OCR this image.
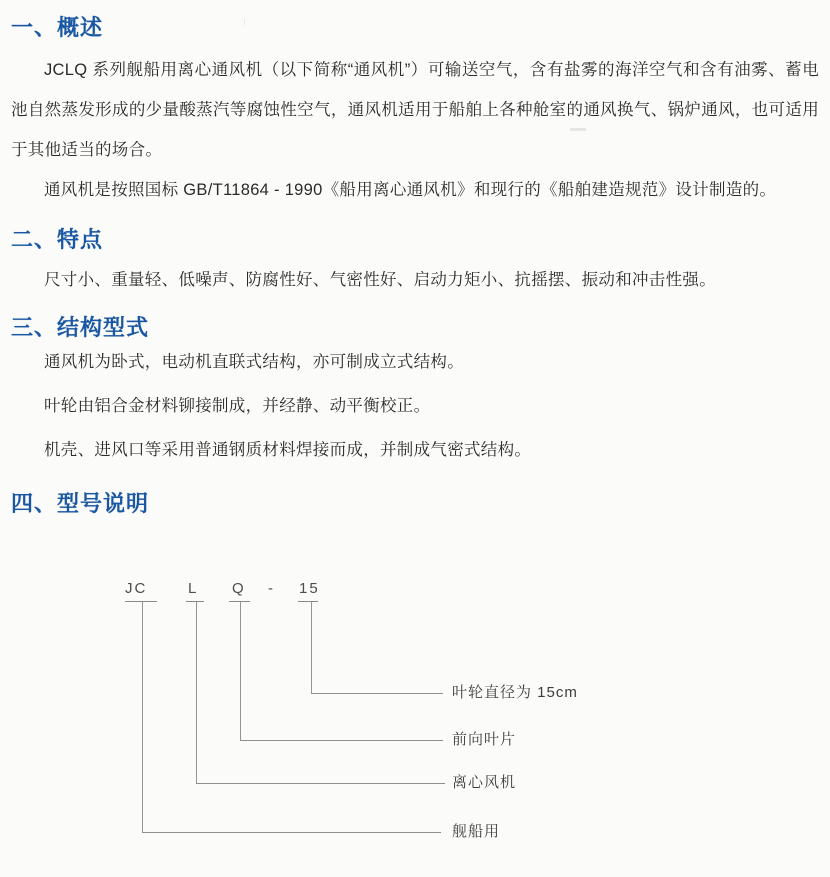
一、概述

JCLQ 系列舰船用离心通风机（以下简称“通风机”）可输送空气，含有盐雾的海洋空气和含有油雾、蓄电池自然蒸发形成的少量酸蒸汽等腐蚀性空气，通风机适用于船舶上各种舱室的通风换气、锅炉通风，也可适用于其他适当的场合。

通风机是按照国标 GB/T11864 - 1990《船用离心通风机》和现行的《船舶建造规范》设计制造的。

二、特点

尺寸小、重量轻、低噪声、防腐性好、气密性好、启动力矩小、抗摇摆、振动和冲击性强。

三、结构型式

通风机为卧式，电动机直联式结构，亦可制成立式结构。

叶轮由铝合金材料铆接制成，并经静、动平衡校正。

机壳、进风口等采用普通钢质材料焊接而成，并制成气密式结构。

四、型号说明
~
JC	L Q - 15
叶轮直径为 15cm
前向叶片
离心风机
舰船用
